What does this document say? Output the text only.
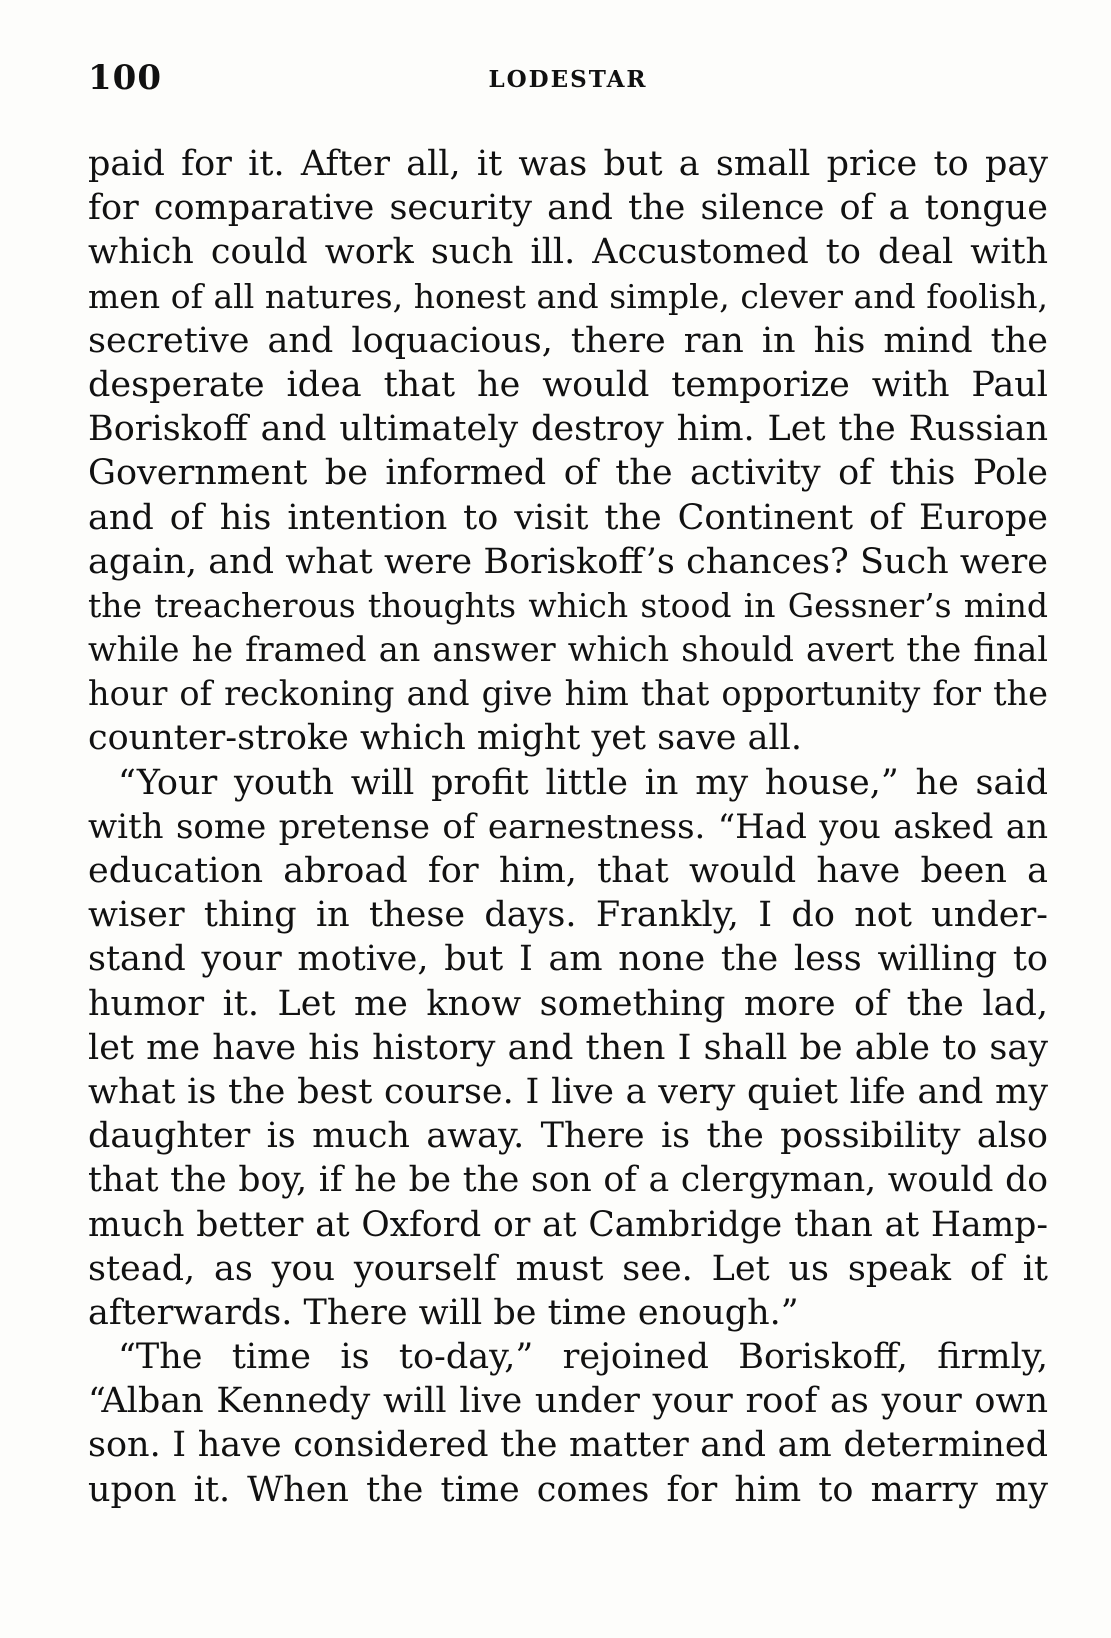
100	LODESTAR
paid for it. After all, it was but a small price to pay
for comparative security and the silence of a tongue
which could work such ill. Accustomed to deal with
men of all natures, honest and simple, clever and foolish,
secretive and loquacious, there ran in his mind the
desperate idea that he would temporize with Paul
Boriskoff and ultimately destroy him. Let the Russian
Government be informed of the activity of this Pole
and of his intention to visit the Continent of Europe
again, and what were Boriskoff’s chances? Such were
the treacherous thoughts which stood in Gessner’s mind
while he framed an answer which should avert the final
hour of reckoning and give him that opportunity for the
counter-stroke which might yet save all.
“Your youth will profit little in my house,” he said
with some pretense of earnestness. “Had you asked an
education abroad for him, that would have been a
wiser thing in these days. Frankly, I do not under-
stand your motive, but I am none the less willing to
humor it. Let me know something more of the lad,
let me have his history and then I shall be able to say
what is the best course. I live a very quiet life and my
daughter is much away. There is the possibility also
that the boy, if he be the son of a clergyman, would do
much better at Oxford or at Cambridge than at Hamp-
stead, as you yourself must see. Let us speak of it
afterwards. There will be time enough.”
“The time is to-day,” rejoined Boriskoff, firmly,
“Alban Kennedy will live under your roof as your own
son. I have considered the matter and am determined
upon it. When the time comes for him to marry my
